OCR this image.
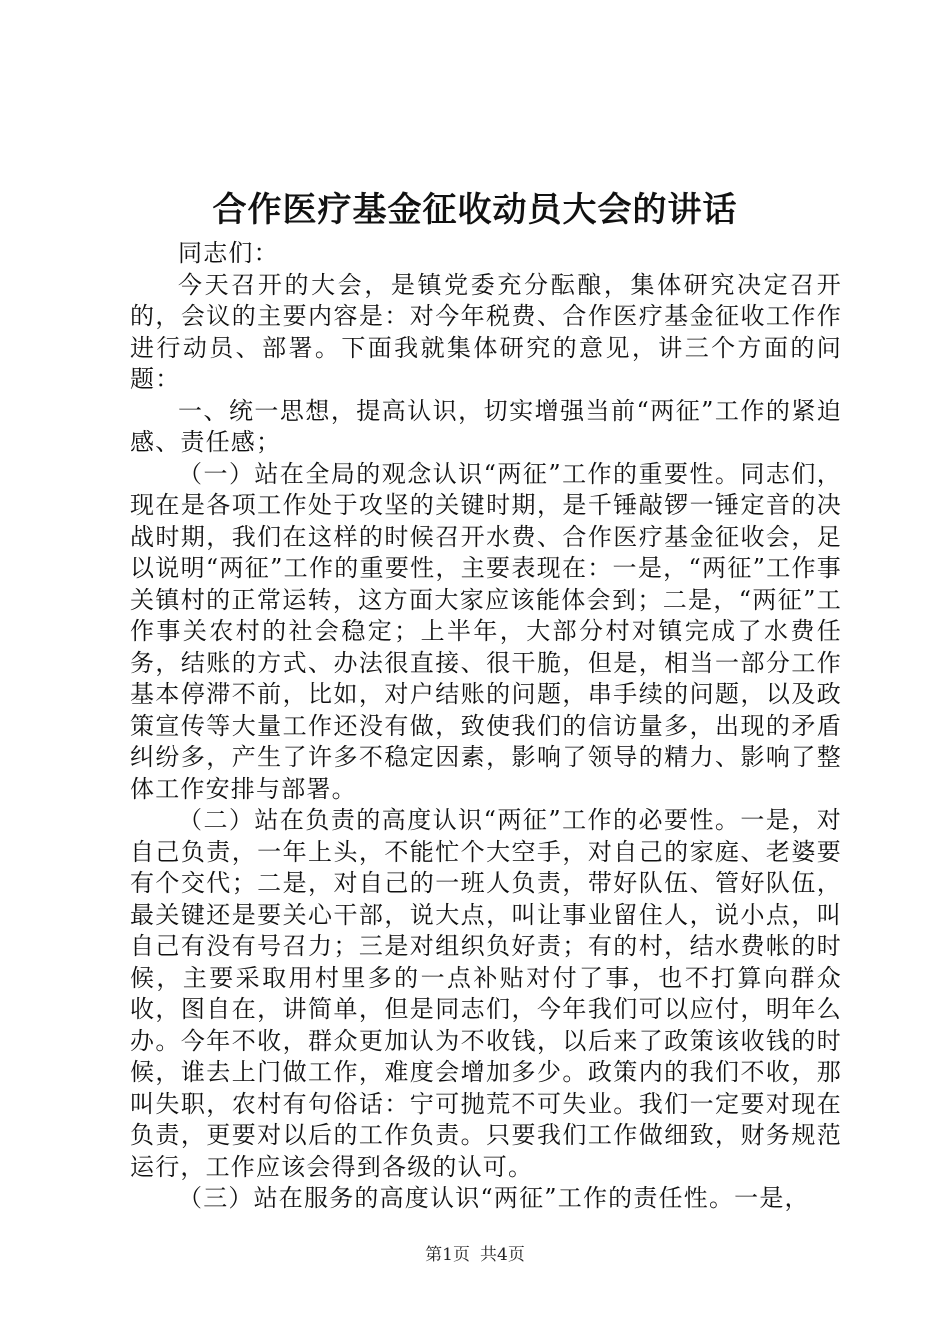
合作医疗基金征收动员大会的讲话

同志们：

今天召开的大会，是镇党委充分酝酿，集体研究决定召开的，会议的主要内容是：对今年税费、合作医疗基金征收工作作进行动员、部署。下面我就集体研究的意见，讲三个方面的问题：

一、统一思想，提高认识，切实增强当前“两征”工作的紧迫感、责任感；

（一）站在全局的观念认识“两征”工作的重要性。同志们，现在是各项工作处于攻坚的关键时期，是千锤敲锣一锤定音的决战时期，我们在这样的时候召开水费、合作医疗基金征收会，足以说明“两征”工作的重要性，主要表现在：一是，“两征”工作事关镇村的正常运转，这方面大家应该能体会到；二是，“两征”工作事关农村的社会稳定；上半年，大部分村对镇完成了水费任务，结账的方式、办法很直接、很干脆，但是，相当一部分工作基本停滞不前，比如，对户结账的问题，串手续的问题，以及政策宣传等大量工作还没有做，致使我们的信访量多，出现的矛盾纠纷多，产生了许多不稳定因素，影响了领导的精力、影响了整体工作安排与部署。

（二）站在负责的高度认识“两征”工作的必要性。一是，对自己负责，一年上头，不能忙个大空手，对自己的家庭、老婆要有个交代；二是，对自己的一班人负责，带好队伍、管好队伍，最关键还是要关心干部，说大点，叫让事业留住人，说小点，叫自己有没有号召力；三是对组织负好责；有的村，结水费帐的时候，主要采取用村里多的一点补贴对付了事，也不打算向群众收，图自在，讲简单，但是同志们，今年我们可以应付，明年么办。今年不收，群众更加认为不收钱，以后来了政策该收钱的时候，谁去上门做工作，难度会增加多少。政策内的我们不收，那叫失职，农村有句俗话：宁可抛荒不可失业。我们一定要对现在负责，更要对以后的工作负责。只要我们工作做细致，财务规范运行，工作应该会得到各级的认可。

（三）站在服务的高度认识“两征”工作的责任性。一是，

第1页 共4页
